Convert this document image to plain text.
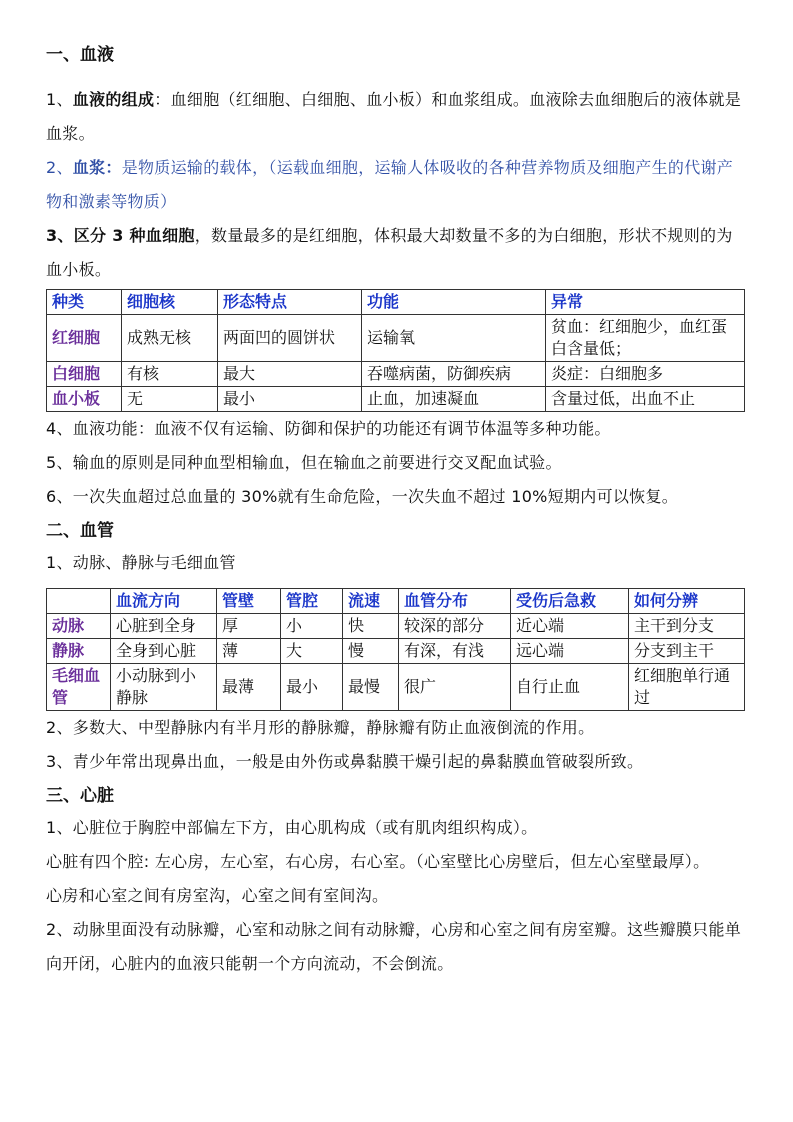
一、血液

1、血液的组成：血细胞（红细胞、白细胞、血小板）和血浆组成。血液除去血细胞后的液体就是血浆。

2、血浆：是物质运输的载体，（运载血细胞，运输人体吸收的各种营养物质及细胞产生的代谢产物和激素等物质）

3、区分 3 种血细胞，数量最多的是红细胞，体积最大却数量不多的为白细胞，形状不规则的为血小板。

种类	细胞核	形态特点	功能	异常
红细胞	成熟无核	两面凹的圆饼状	运输氧	贫血：红细胞少，血红蛋白含量低；
白细胞	有核	最大	吞噬病菌，防御疾病	炎症：白细胞多
血小板	无	最小	止血，加速凝血	含量过低，出血不止

4、血液功能：血液不仅有运输、防御和保护的功能还有调节体温等多种功能。

5、输血的原则是同种血型相输血，但在输血之前要进行交叉配血试验。

6、一次失血超过总血量的 30%就有生命危险，一次失血不超过 10%短期内可以恢复。

二、血管

1、动脉、静脉与毛细血管

	血流方向	管壁	管腔	流速	血管分布	受伤后急救	如何分辨
动脉	心脏到全身	厚	小	快	较深的部分	近心端	主干到分支
静脉	全身到心脏	薄	大	慢	有深，有浅	远心端	分支到主干
毛细血管	小动脉到小静脉	最薄	最小	最慢	很广	自行止血	红细胞单行通过

2、多数大、中型静脉内有半月形的静脉瓣，静脉瓣有防止血液倒流的作用。

3、青少年常出现鼻出血，一般是由外伤或鼻黏膜干燥引起的鼻黏膜血管破裂所致。

三、心脏

1、心脏位于胸腔中部偏左下方，由心肌构成（或有肌肉组织构成）。

心脏有四个腔: 左心房，左心室，右心房，右心室。（心室壁比心房壁后，但左心室壁最厚）。

心房和心室之间有房室沟，心室之间有室间沟。

2、动脉里面没有动脉瓣，心室和动脉之间有动脉瓣，心房和心室之间有房室瓣。这些瓣膜只能单向开闭，心脏内的血液只能朝一个方向流动，不会倒流。
